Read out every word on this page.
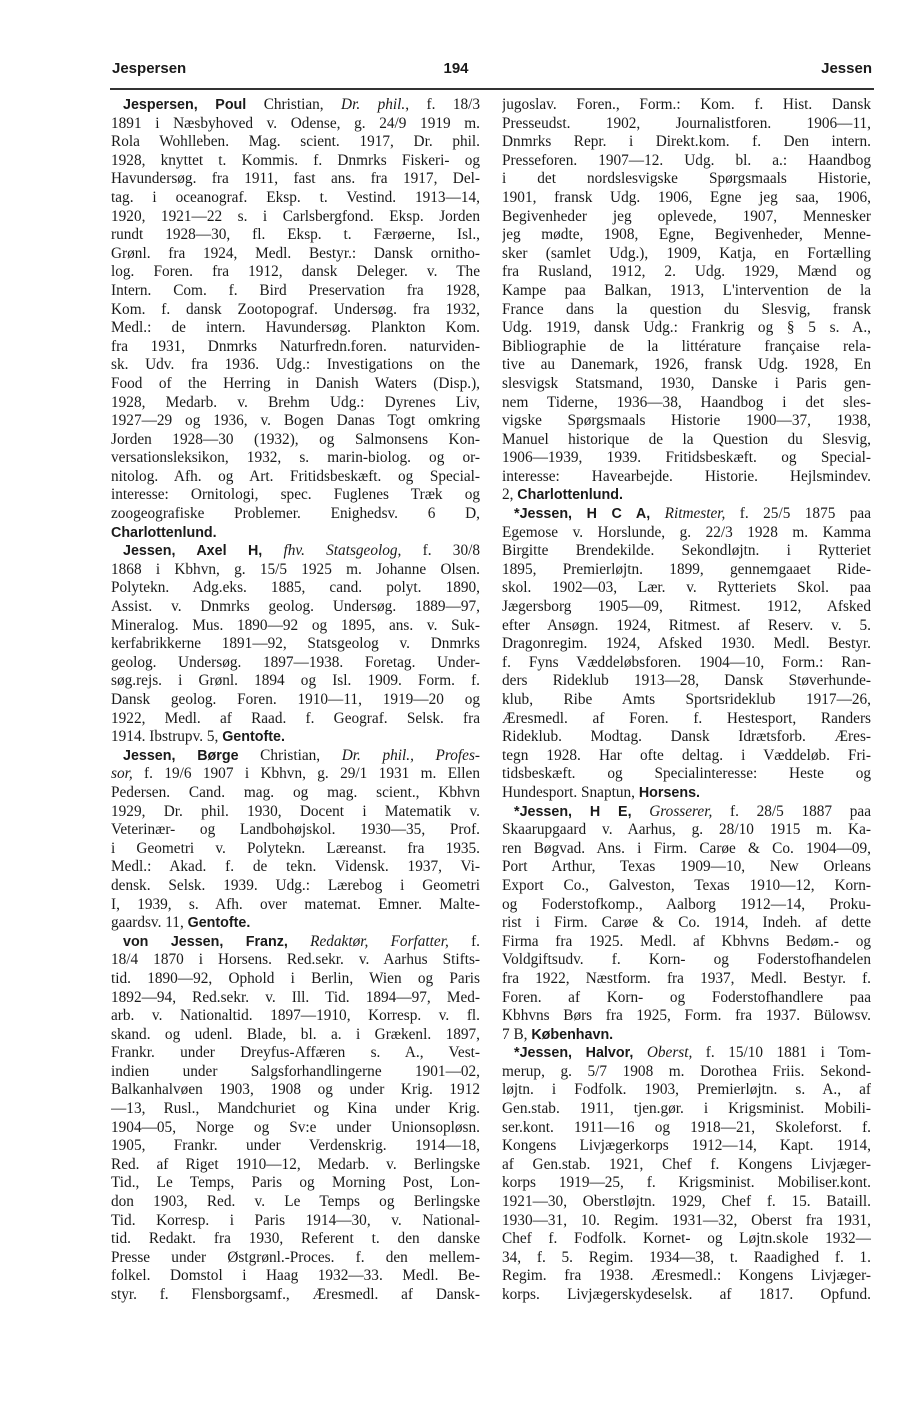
Jespersen	194	Jessen
Jespersen, Poul Christian, Dr. phil., f. 18/3
1891 i Næsbyhoved v. Odense, g. 24/9 1919 m.
Rola Wohlleben. Mag. scient. 1917, Dr. phil.
1928, knyttet t. Kommis. f. Dnmrks Fiskeri- og
Havundersøg. fra 1911, fast ans. fra 1917, Del-
tag. i oceanograf. Eksp. t. Vestind. 1913—14,
1920, 1921—22 s. i Carlsbergfond. Eksp. Jorden
rundt 1928—30, fl. Eksp. t. Færøerne, Isl.,
Grønl. fra 1924, Medl. Bestyr.: Dansk ornitho-
log. Foren. fra 1912, dansk Deleger. v. The
Intern. Com. f. Bird Preservation fra 1928,
Kom. f. dansk Zootopograf. Undersøg. fra 1932,
Medl.: de intern. Havundersøg. Plankton Kom.
fra 1931, Dnmrks Naturfredn.foren. naturviden-
sk. Udv. fra 1936. Udg.: Investigations on the
Food of the Herring in Danish Waters (Disp.),
1928, Medarb. v. Brehm Udg.: Dyrenes Liv,
1927—29 og 1936, v. Bogen Danas Togt omkring
Jorden 1928—30 (1932), og Salmonsens Kon-
versationsleksikon, 1932, s. marin-biolog. og or-
nitolog. Afh. og Art. Fritidsbeskæft. og Special-
interesse: Ornitologi, spec. Fuglenes Træk og
zoogeografiske Problemer. Enighedsv. 6 D,
Charlottenlund.
Jessen, Axel H, fhv. Statsgeolog, f. 30/8
1868 i Kbhvn, g. 15/5 1925 m. Johanne Olsen.
Polytekn. Adg.eks. 1885, cand. polyt. 1890,
Assist. v. Dnmrks geolog. Undersøg. 1889—97,
Mineralog. Mus. 1890—92 og 1895, ans. v. Suk-
kerfabrikkerne 1891—92, Statsgeolog v. Dnmrks
geolog. Undersøg. 1897—1938. Foretag. Under-
søg.rejs. i Grønl. 1894 og Isl. 1909. Form. f.
Dansk geolog. Foren. 1910—11, 1919—20 og
1922, Medl. af Raad. f. Geograf. Selsk. fra
1914. Ibstrupv. 5, Gentofte.
Jessen, Børge Christian, Dr. phil., Profes-
sor, f. 19/6 1907 i Kbhvn, g. 29/1 1931 m. Ellen
Pedersen. Cand. mag. og mag. scient., Kbhvn
1929, Dr. phil. 1930, Docent i Matematik v.
Veterinær- og Landbohøjskol. 1930—35, Prof.
i Geometri v. Polytekn. Læreanst. fra 1935.
Medl.: Akad. f. de tekn. Vidensk. 1937, Vi-
densk. Selsk. 1939. Udg.: Lærebog i Geometri
I, 1939, s. Afh. over matemat. Emner. Malte-
gaardsv. 11, Gentofte.
von Jessen, Franz, Redaktør, Forfatter, f.
18/4 1870 i Horsens. Red.sekr. v. Aarhus Stifts-
tid. 1890—92, Ophold i Berlin, Wien og Paris
1892—94, Red.sekr. v. Ill. Tid. 1894—97, Med-
arb. v. Nationaltid. 1897—1910, Korresp. v. fl.
skand. og udenl. Blade, bl. a. i Grækenl. 1897,
Frankr. under Dreyfus-Affæren s. A., Vest-
indien under Salgsforhandlingerne 1901—02,
Balkanhalvøen 1903, 1908 og under Krig. 1912
—13, Rusl., Mandchuriet og Kina under Krig.
1904—05, Norge og Sv:e under Unionsopløsn.
1905, Frankr. under Verdenskrig. 1914—18,
Red. af Riget 1910—12, Medarb. v. Berlingske
Tid., Le Temps, Paris og Morning Post, Lon-
don 1903, Red. v. Le Temps og Berlingske
Tid. Korresp. i Paris 1914—30, v. National-
tid. Redakt. fra 1930, Referent t. den danske
Presse under Østgrønl.-Proces. f. den mellem-
folkel. Domstol i Haag 1932—33. Medl. Be-
styr. f. Flensborgsamf., Æresmedl. af Dansk-
jugoslav. Foren., Form.: Kom. f. Hist. Dansk
Presseudst. 1902, Journalistforen. 1906—11,
Dnmrks Repr. i Direkt.kom. f. Den intern.
Presseforen. 1907—12. Udg. bl. a.: Haandbog
i det nordslesvigske Spørgsmaals Historie,
1901, fransk Udg. 1906, Egne jeg saa, 1906,
Begivenheder jeg oplevede, 1907, Mennesker
jeg mødte, 1908, Egne, Begivenheder, Menne-
sker (samlet Udg.), 1909, Katja, en Fortælling
fra Rusland, 1912, 2. Udg. 1929, Mænd og
Kampe paa Balkan, 1913, L'intervention de la
France dans la question du Slesvig, fransk
Udg. 1919, dansk Udg.: Frankrig og § 5 s. A.,
Bibliographie de la littérature française rela-
tive au Danemark, 1926, fransk Udg. 1928, En
slesvigsk Statsmand, 1930, Danske i Paris gen-
nem Tiderne, 1936—38, Haandbog i det sles-
vigske Spørgsmaals Historie 1900—37, 1938,
Manuel historique de la Question du Slesvig,
1906—1939, 1939. Fritidsbeskæft. og Special-
interesse: Havearbejde. Historie. Hejlsmindev.
2, Charlottenlund.
*Jessen, H C A, Ritmester, f. 25/5 1875 paa
Egemose v. Horslunde, g. 22/3 1928 m. Kamma
Birgitte Brendekilde. Sekondløjtn. i Rytteriet
1895, Premierløjtn. 1899, gennemgaaet Ride-
skol. 1902—03, Lær. v. Rytteriets Skol. paa
Jægersborg 1905—09, Ritmest. 1912, Afsked
efter Ansøgn. 1924, Ritmest. af Reserv. v. 5.
Dragonregim. 1924, Afsked 1930. Medl. Bestyr.
f. Fyns Væddeløbsforen. 1904—10, Form.: Ran-
ders Rideklub 1913—28, Dansk Støverhunde-
klub, Ribe Amts Sportsrideklub 1917—26,
Æresmedl. af Foren. f. Hestesport, Randers
Rideklub. Modtag. Dansk Idrætsforb. Æres-
tegn 1928. Har ofte deltag. i Væddeløb. Fri-
tidsbeskæft. og Specialinteresse: Heste og
Hundesport. Snaptun, Horsens.
*Jessen, H E, Grosserer, f. 28/5 1887 paa
Skaarupgaard v. Aarhus, g. 28/10 1915 m. Ka-
ren Bøgvad. Ans. i Firm. Carøe & Co. 1904—09,
Port Arthur, Texas 1909—10, New Orleans
Export Co., Galveston, Texas 1910—12, Korn-
og Foderstofkomp., Aalborg 1912—14, Proku-
rist i Firm. Carøe & Co. 1914, Indeh. af dette
Firma fra 1925. Medl. af Kbhvns Bedøm.- og
Voldgiftsudv. f. Korn- og Foderstofhandelen
fra 1922, Næstform. fra 1937, Medl. Bestyr. f.
Foren. af Korn- og Foderstofhandlere paa
Kbhvns Børs fra 1925, Form. fra 1937. Bülowsv.
7 B, København.
*Jessen, Halvor, Oberst, f. 15/10 1881 i Tom-
merup, g. 5/7 1908 m. Dorothea Friis. Sekond-
løjtn. i Fodfolk. 1903, Premierløjtn. s. A., af
Gen.stab. 1911, tjen.gør. i Krigsminist. Mobili-
ser.kont. 1911—16 og 1918—21, Skoleforst. f.
Kongens Livjægerkorps 1912—14, Kapt. 1914,
af Gen.stab. 1921, Chef f. Kongens Livjæger-
korps 1919—25, f. Krigsminist. Mobiliser.kont.
1921—30, Oberstløjtn. 1929, Chef f. 15. Bataill.
1930—31, 10. Regim. 1931—32, Oberst fra 1931,
Chef f. Fodfolk. Kornet- og Løjtn.skole 1932—
34, f. 5. Regim. 1934—38, t. Raadighed f. 1.
Regim. fra 1938. Æresmedl.: Kongens Livjæger-
korps. Livjægerskydeselsk. af 1817. Opfund.
